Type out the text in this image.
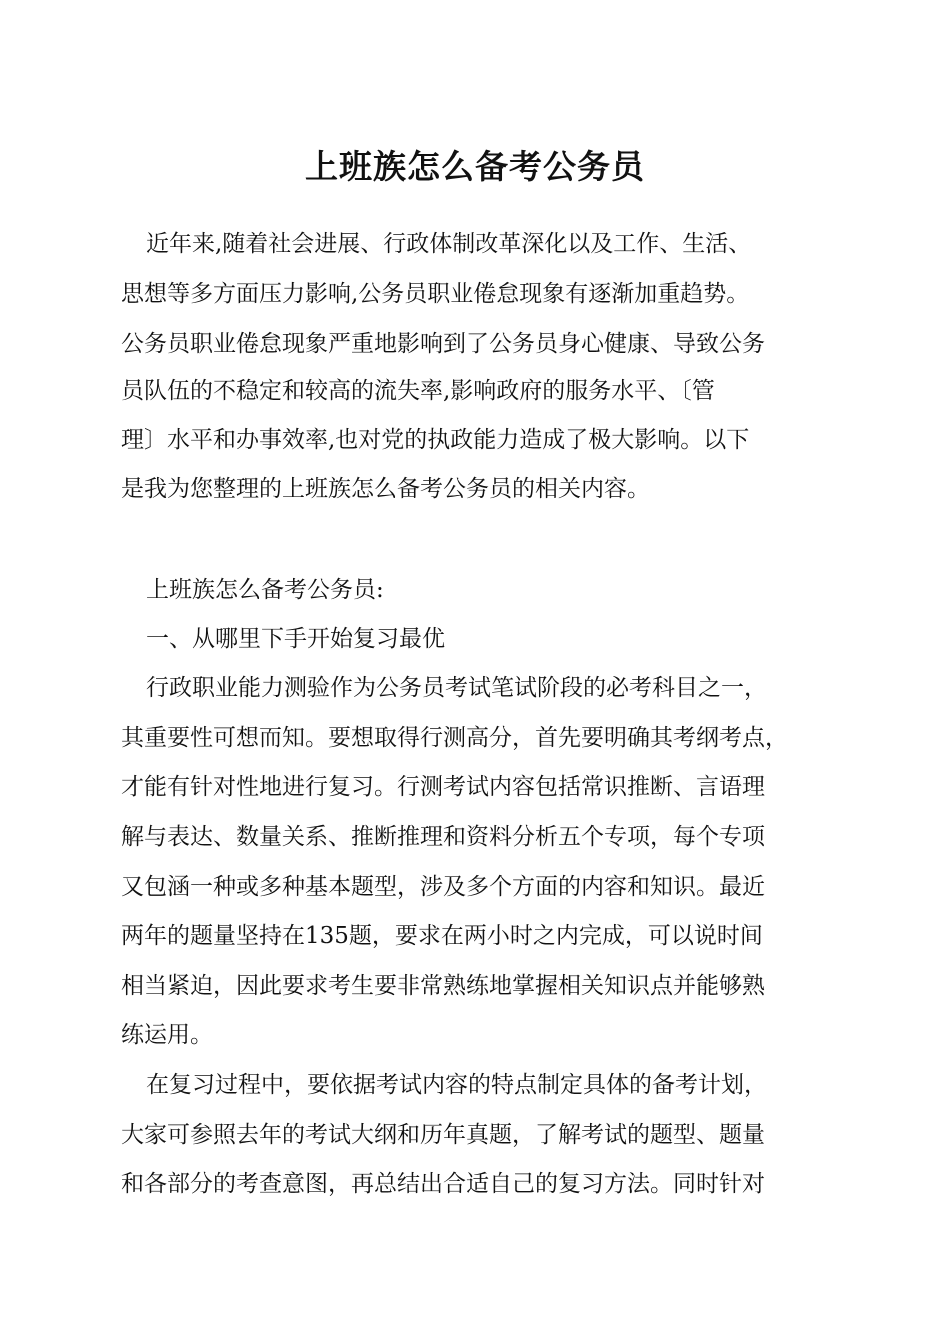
上班族怎么备考公务员
近年来,随着社会进展、行政体制改革深化以及工作、生活、
思想等多方面压力影响,公务员职业倦怠现象有逐渐加重趋势。
公务员职业倦怠现象严重地影响到了公务员身心健康、导致公务
员队伍的不稳定和较高的流失率,影响政府的服务水平、〔管
理〕水平和办事效率,也对党的执政能力造成了极大影响。以下
是我为您整理的上班族怎么备考公务员的相关内容。
上班族怎么备考公务员:
一、从哪里下手开始复习最优
行政职业能力测验作为公务员考试笔试阶段的必考科目之一，
其重要性可想而知。要想取得行测高分，首先要明确其考纲考点，
才能有针对性地进行复习。行测考试内容包括常识推断、言语理
解与表达、数量关系、推断推理和资料分析五个专项，每个专项
又包涵一种或多种基本题型，涉及多个方面的内容和知识。最近
两年的题量坚持在135题，要求在两小时之内完成，可以说时间
相当紧迫，因此要求考生要非常熟练地掌握相关知识点并能够熟
练运用。
在复习过程中，要依据考试内容的特点制定具体的备考计划，
大家可参照去年的考试大纲和历年真题，了解考试的题型、题量
和各部分的考查意图，再总结出合适自己的复习方法。同时针对
